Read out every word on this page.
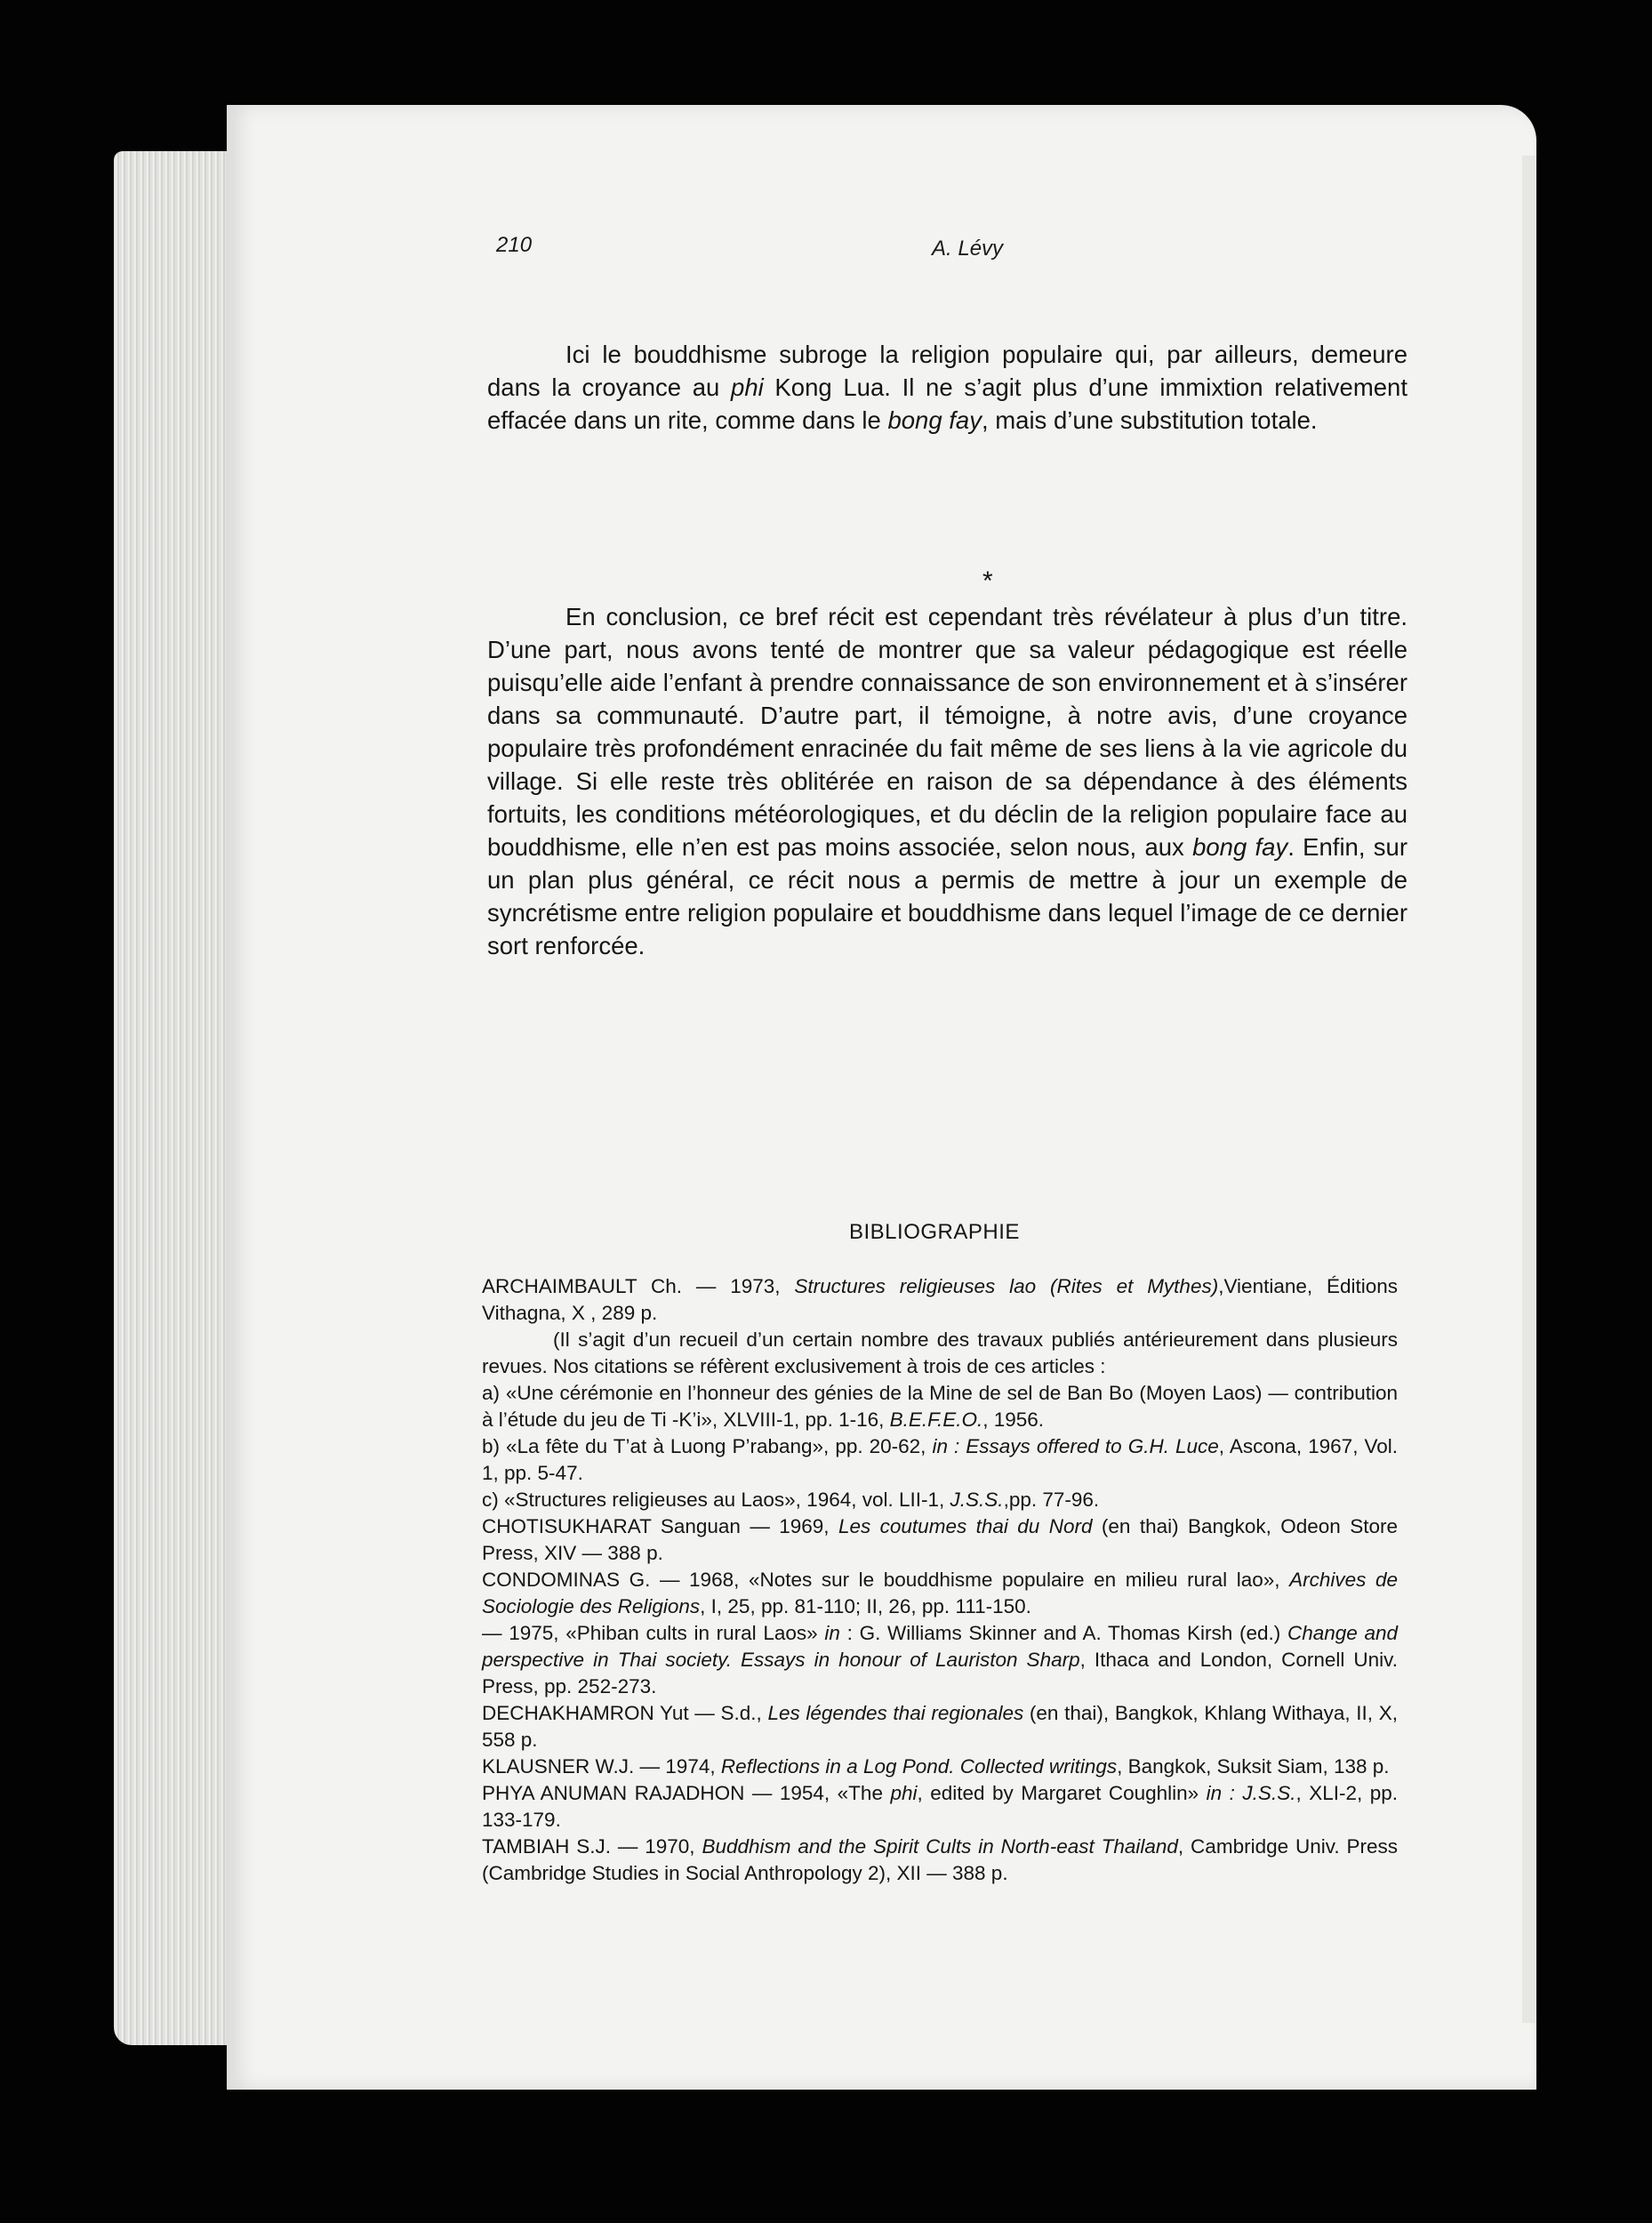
210	A. Lévy

Ici le bouddhisme subroge la religion populaire qui, par ailleurs, demeure dans la croyance au phi Kong Lua. Il ne s’agit plus d’une immixtion relativement effacée dans un rite, comme dans le bong fay, mais d’une substitution totale.

*

En conclusion, ce bref récit est cependant très révélateur à plus d’un titre. D’une part, nous avons tenté de montrer que sa valeur pédagogique est réelle puisqu’elle aide l’enfant à prendre connaissance de son environnement et à s’insérer dans sa communauté. D’autre part, il témoigne, à notre avis, d’une croyance populaire très profondément enracinée du fait même de ses liens à la vie agricole du village. Si elle reste très oblitérée en raison de sa dépendance à des éléments fortuits, les conditions météorologiques, et du déclin de la religion populaire face au bouddhisme, elle n’en est pas moins associée, selon nous, aux bong fay. Enfin, sur un plan plus général, ce récit nous a permis de mettre à jour un exemple de syncrétisme entre religion populaire et bouddhisme dans lequel l’image de ce dernier sort renforcée.

BIBLIOGRAPHIE

ARCHAIMBAULT Ch. — 1973, Structures religieuses lao (Rites et Mythes),Vientiane, Éditions Vithagna, X , 289 p.

(Il s’agit d’un recueil d’un certain nombre des travaux publiés antérieurement dans plusieurs revues. Nos citations se réfèrent exclusivement à trois de ces articles :

a) «Une cérémonie en l’honneur des génies de la Mine de sel de Ban Bo (Moyen Laos) — contribution à l’étude du jeu de Ti -K’i», XLVIII-1, pp. 1-16, B.E.F.E.O., 1956.

b) «La fête du T’at à Luong P’rabang», pp. 20-62, in : Essays offered to G.H. Luce, Ascona, 1967, Vol. 1, pp. 5-47.

c) «Structures religieuses au Laos», 1964, vol. LII-1, J.S.S.,pp. 77-96.

CHOTISUKHARAT Sanguan — 1969, Les coutumes thai du Nord (en thai) Bangkok, Odeon Store Press, XIV — 388 p.

CONDOMINAS G. — 1968, «Notes sur le bouddhisme populaire en milieu rural lao», Archives de Sociologie des Religions, I, 25, pp. 81-110; II, 26, pp. 111-150.

— 1975, «Phiban cults in rural Laos» in : G. Williams Skinner and A. Thomas Kirsh (ed.) Change and perspective in Thai society. Essays in honour of Lauriston Sharp, Ithaca and London, Cornell Univ. Press, pp. 252-273.

DECHAKHAMRON Yut — S.d., Les légendes thai regionales (en thai), Bangkok, Khlang Withaya, II, X, 558 p.

KLAUSNER W.J. — 1974, Reflections in a Log Pond. Collected writings, Bangkok, Suksit Siam, 138 p.

PHYA ANUMAN RAJADHON — 1954, «The phi, edited by Margaret Coughlin» in : J.S.S., XLI-2, pp. 133-179.

TAMBIAH S.J. — 1970, Buddhism and the Spirit Cults in North-east Thailand, Cambridge Univ. Press (Cambridge Studies in Social Anthropology 2), XII — 388 p.
